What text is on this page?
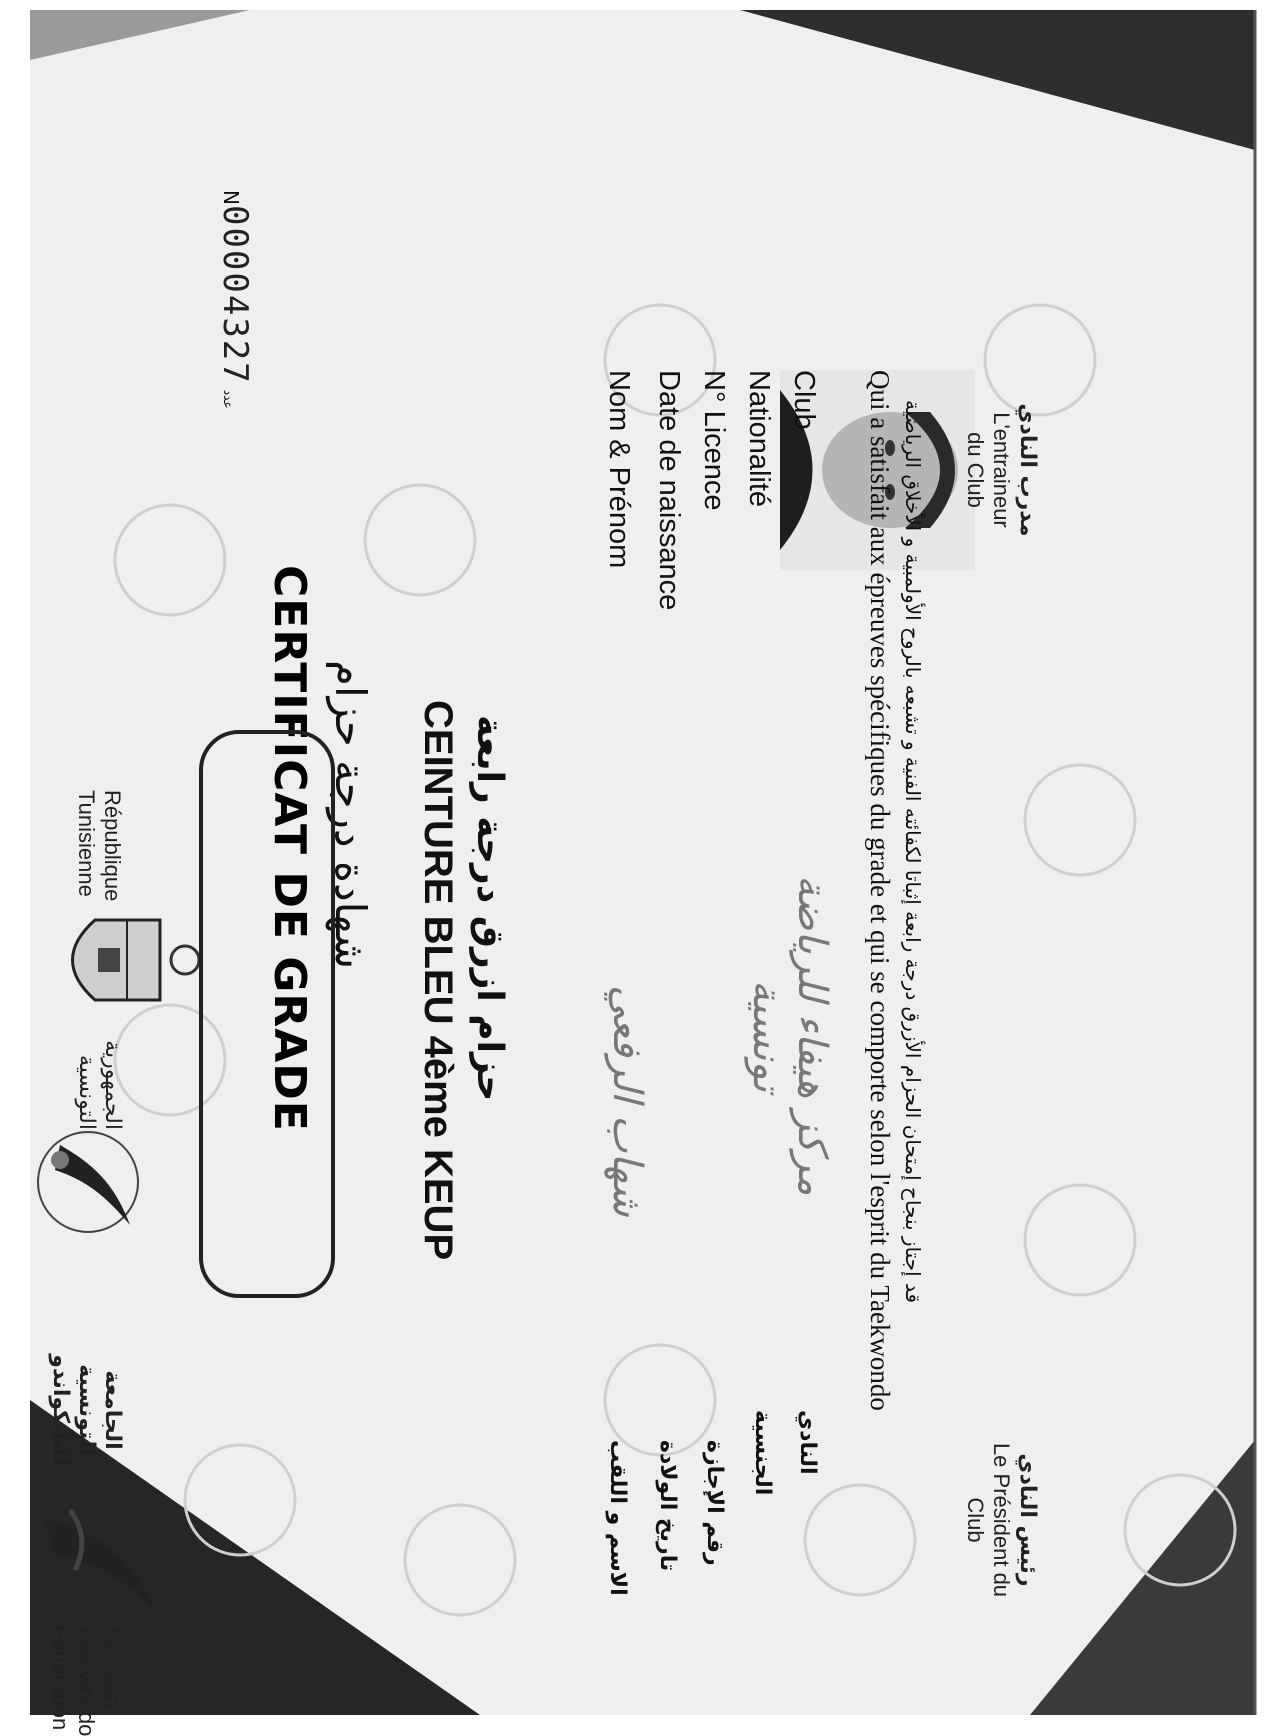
République
Tunisienne
الجمهورية
التونسية
الجامعة
التونسية
للتايكواندو
Tunisian
Taekwondo
Federation
N00004327 عدد
CERTIFICAT DE GRADE شهادة درجة حزام CEINTURE BLEU 4ème KEUP حزام ازرق درجة رابعة
Nom & Prénom
شهاب الرفعي
الاسم و اللقب
Date de naissance
تاريخ الولادة
N° Licence
رقم الإجازة
Nationalité
تونسية
الجنسية
Club
مركز هيفاء للرياضة
النادي
Qui a satisfait aux épreuves spécifiques du grade et qui se comporte selon l'esprit du Taekwondo قد إجتاز بنجاح إمتحان الحزام الأزرق درجة رابعة إثباتا لكفائته الفنية و تشبعه بالروح الأولمبية و الأخلاق الرياضية	مدرب النادي
L'entraineur
du Club
رئيس النادي
Le Président du
Club
